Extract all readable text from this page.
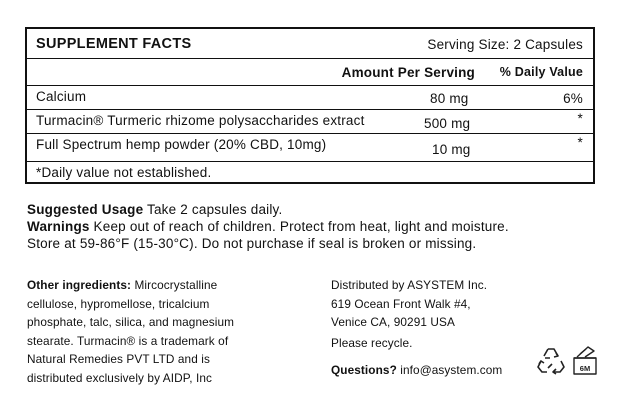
SUPPLEMENT FACTS	Serving Size: 2 Capsules
Amount Per Serving % Daily Value
Calcium	80 mg	6%
Turmacin® Turmeric rhizome polysaccharides extract	500 mg	*
Full Spectrum hemp powder (20% CBD, 10mg)	10 mg	*
*Daily value not established.
Suggested Usage Take 2 capsules daily.
Warnings Keep out of reach of children. Protect from heat, light and moisture.
Store at 59-86°F (15-30°C). Do not purchase if seal is broken or missing.
Other ingredients: Mircocrystalline
cellulose, hypromellose, tricalcium
phosphate, talc, silica, and magnesium
stearate. Turmacin® is a trademark of
Natural Remedies PVT LTD and is
distributed exclusively by AIDP, Inc
Distributed by ASYSTEM Inc.
619 Ocean Front Walk #4,
Venice CA, 90291 USA
Please recycle.
Questions? info@asystem.com	6M
